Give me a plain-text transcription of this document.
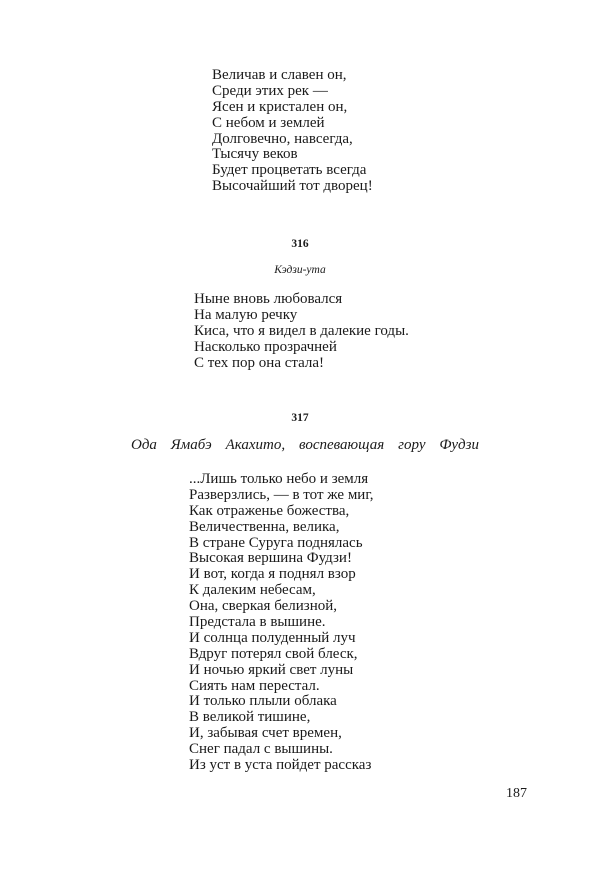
Величав и славен он,
Среди этих рек —
Ясен и кристален он,
С небом и землей
Долговечно, навсегда,
Тысячу веков
Будет процветать всегда
Высочайший тот дворец!
316
Кэдзи-ута
Ныне вновь любовался
На малую речку
Киса, что я видел в далекие годы.
Насколько прозрачней
С тех пор она стала!
317
Ода Ямабэ Акахито, воспевающая гору Фудзи
...Лишь только небо и земля
Разверзлись, — в тот же миг,
Как отраженье божества,
Величественна, велика,
В стране Суруга поднялась
Высокая вершина Фудзи!
И вот, когда я поднял взор
К далеким небесам,
Она, сверкая белизной,
Предстала в вышине.
И солнца полуденный луч
Вдруг потерял свой блеск,
И ночью яркий свет луны
Сиять нам перестал.
И только плыли облака
В великой тишине,
И, забывая счет времен,
Снег падал с вышины.
Из уст в уста пойдет рассказ
187
